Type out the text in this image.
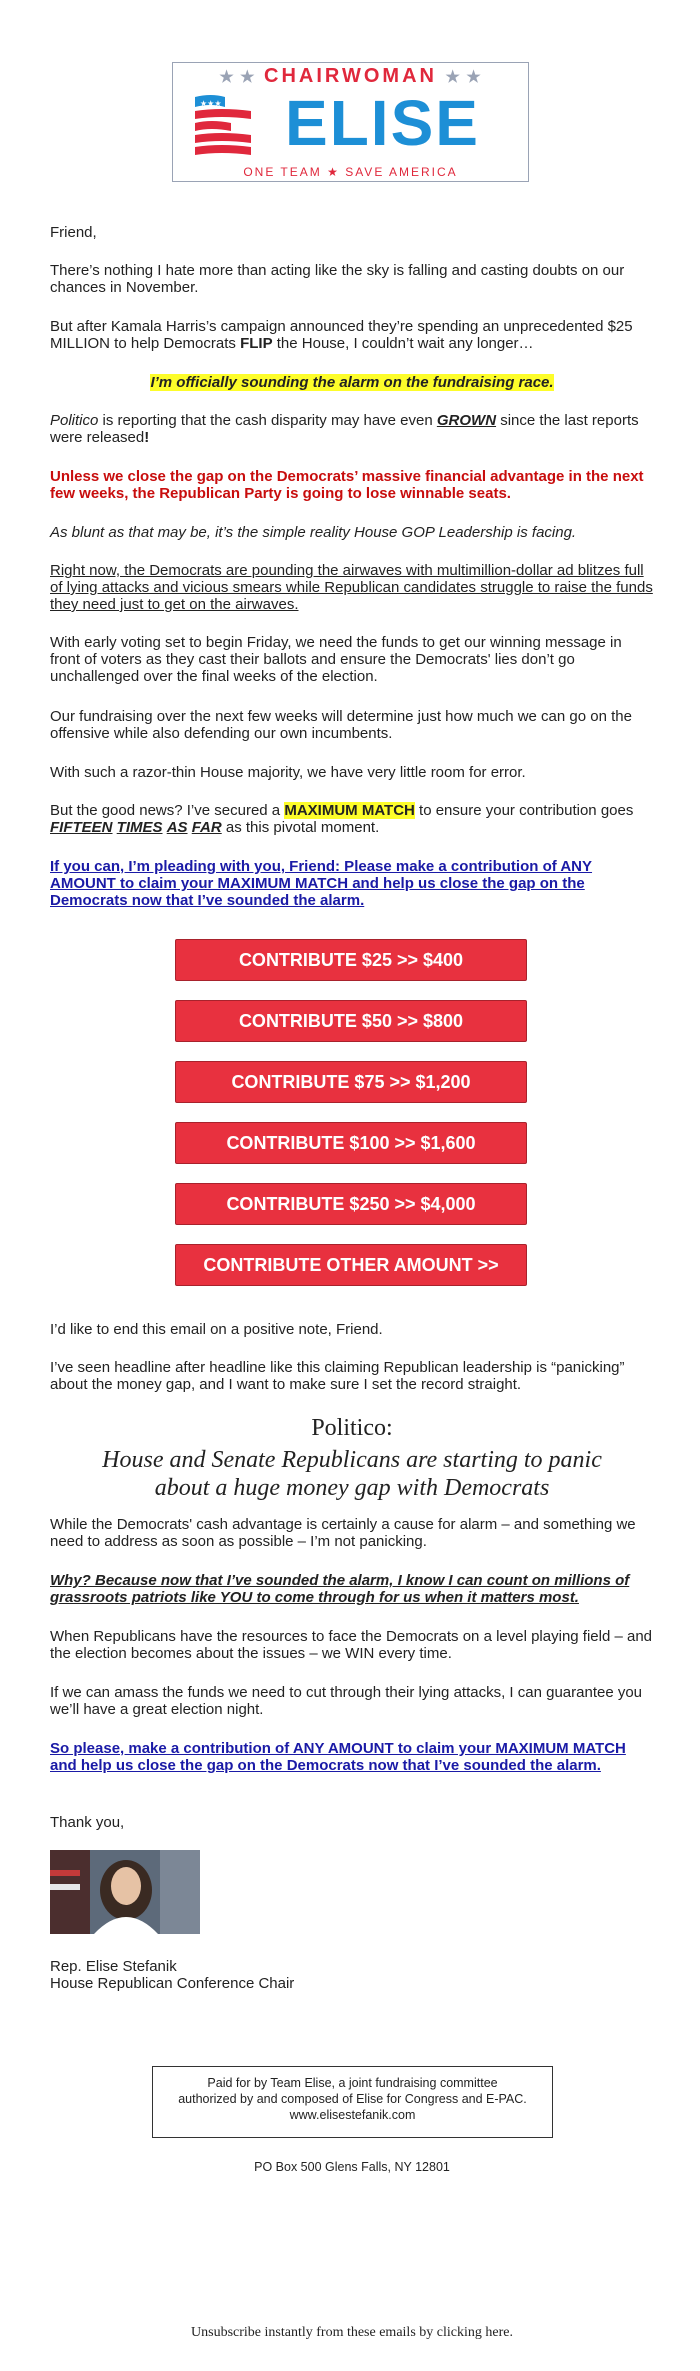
★ ★ CHAIRWOMAN ★ ★
★★★ ELISE
ONE TEAM ★ SAVE AMERICA
Friend,
There’s nothing I hate more than acting like the sky is falling and casting doubts on our chances in November.
But after Kamala Harris’s campaign announced they’re spending an unprecedented $25 MILLION to help Democrats FLIP the House, I couldn’t wait any longer…
I’m officially sounding the alarm on the fundraising race.
Politico is reporting that the cash disparity may have even GROWN since the last reports were released!
Unless we close the gap on the Democrats’ massive financial advantage in the next few weeks, the Republican Party is going to lose winnable seats.
As blunt as that may be, it’s the simple reality House GOP Leadership is facing.
Right now, the Democrats are pounding the airwaves with multimillion-dollar ad blitzes full of lying attacks and vicious smears while Republican candidates struggle to raise the funds they need just to get on the airwaves.
With early voting set to begin Friday, we need the funds to get our winning message in front of voters as they cast their ballots and ensure the Democrats' lies don’t go unchallenged over the final weeks of the election.
Our fundraising over the next few weeks will determine just how much we can go on the offensive while also defending our own incumbents.
With such a razor-thin House majority, we have very little room for error.
But the good news? I’ve secured a MAXIMUM MATCH to ensure your contribution goes FIFTEEN TIMES AS FAR as this pivotal moment.
If you can, I’m pleading with you, Friend: Please make a contribution of ANY AMOUNT to claim your MAXIMUM MATCH and help us close the gap on the Democrats now that I’ve sounded the alarm.
CONTRIBUTE $25 >> $400
CONTRIBUTE $50 >> $800
CONTRIBUTE $75 >> $1,200
CONTRIBUTE $100 >> $1,600
CONTRIBUTE $250 >> $4,000
CONTRIBUTE OTHER AMOUNT >>
I’d like to end this email on a positive note, Friend.
I’ve seen headline after headline like this claiming Republican leadership is “panicking” about the money gap, and I want to make sure I set the record straight.
Politico:
House and Senate Republicans are starting to panic about a huge money gap with Democrats
While the Democrats' cash advantage is certainly a cause for alarm – and something we need to address as soon as possible – I’m not panicking.
Why? Because now that I’ve sounded the alarm, I know I can count on millions of grassroots patriots like YOU to come through for us when it matters most.
When Republicans have the resources to face the Democrats on a level playing field – and the election becomes about the issues – we WIN every time.
If we can amass the funds we need to cut through their lying attacks, I can guarantee you we’ll have a great election night.
So please, make a contribution of ANY AMOUNT to claim your MAXIMUM MATCH and help us close the gap on the Democrats now that I’ve sounded the alarm.
Thank you,
Rep. Elise Stefanik
House Republican Conference Chair
Paid for by Team Elise, a joint fundraising committee authorized by and composed of Elise for Congress and E-PAC. www.elisestefanik.com
PO Box 500 Glens Falls, NY 12801
Unsubscribe instantly from these emails by clicking here.
